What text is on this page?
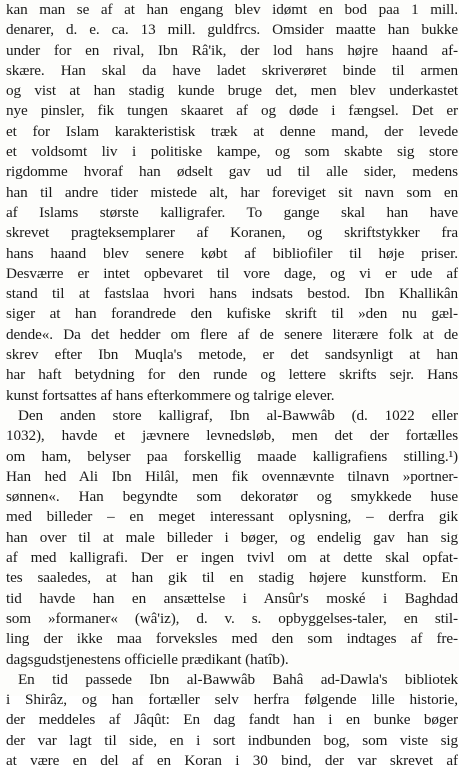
kan man se af at han engang blev idømt en bod paa 1 mill.
denarer, d. e. ca. 13 mill. guldfrcs. Omsider maatte han bukke
under for en rival, Ibn Râ'ik, der lod hans højre haand af-
skære. Han skal da have ladet skriverøret binde til armen
og vist at han stadig kunde bruge det, men blev underkastet
nye pinsler, fik tungen skaaret af og døde i fængsel. Det er
et for Islam karakteristisk træk at denne mand, der levede
et voldsomt liv i politiske kampe, og som skabte sig store
rigdomme hvoraf han ødselt gav ud til alle sider, medens
han til andre tider mistede alt, har foreviget sit navn som en
af Islams største kalligrafer. To gange skal han have
skrevet pragteksemplarer af Koranen, og skriftstykker fra
hans haand blev senere købt af bibliofiler til høje priser.
Desværre er intet opbevaret til vore dage, og vi er ude af
stand til at fastslaa hvori hans indsats bestod. Ibn Khallikân
siger at han forandrede den kufiske skrift til »den nu gæl-
dende«. Da det hedder om flere af de senere literære folk at de
skrev efter Ibn Muqla's metode, er det sandsynligt at han
har haft betydning for den runde og lettere skrifts sejr. Hans
kunst fortsattes af hans efterkommere og talrige elever.
Den anden store kalligraf, Ibn al-Bawwâb (d. 1022 eller
1032), havde et jævnere levnedsløb, men det der fortælles
om ham, belyser paa forskellig maade kalligrafiens stilling.¹)
Han hed Ali Ibn Hilâl, men fik ovennævnte tilnavn »portner-
sønnen«. Han begyndte som dekoratør og smykkede huse
med billeder – en meget interessant oplysning, – derfra gik
han over til at male billeder i bøger, og endelig gav han sig
af med kalligrafi. Der er ingen tvivl om at dette skal opfat-
tes saaledes, at han gik til en stadig højere kunstform. En
tid havde han en ansættelse i Ansûr's moské i Baghdad
som »formaner« (wâ'iz), d. v. s. opbyggelses-taler, en stil-
ling der ikke maa forveksles med den som indtages af fre-
dagsgudstjenestens officielle prædikant (hatîb).
En tid passede Ibn al-Bawwâb Bahâ ad-Dawla's bibliotek
i Shirâz, og han fortæller selv herfra følgende lille historie,
der meddeles af Jâqût: En dag fandt han i en bunke bøger
der var lagt til side, en i sort indbunden bog, som viste sig
at være en del af en Koran i 30 bind, der var skrevet af
